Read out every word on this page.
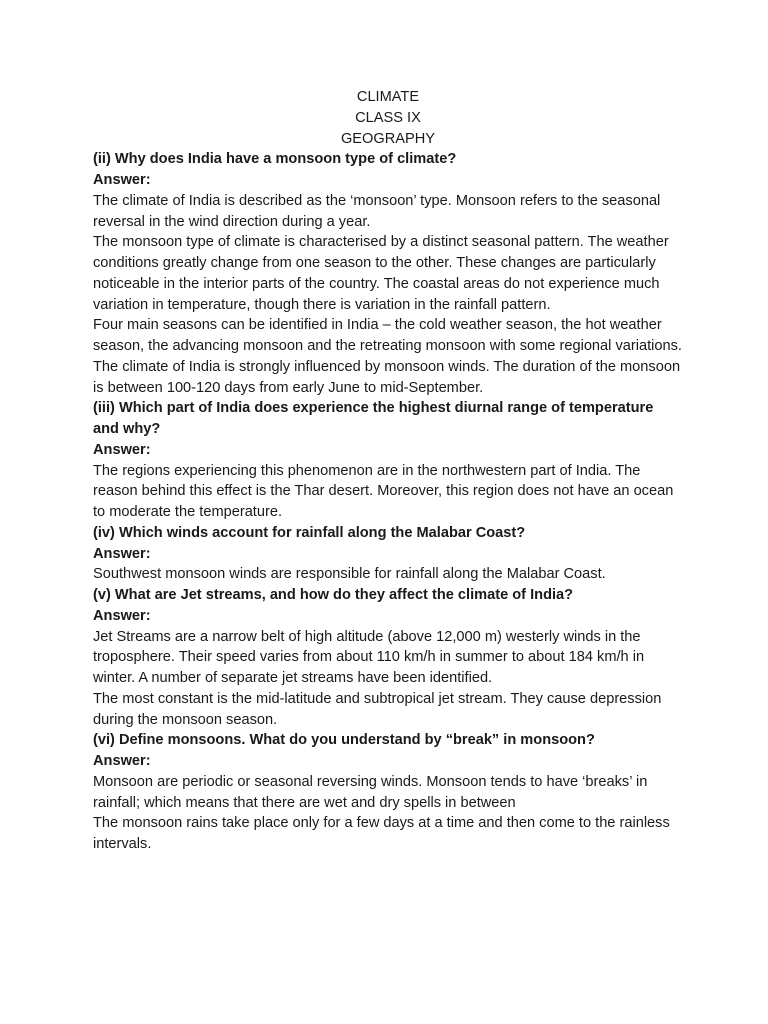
CLIMATE
CLASS IX
GEOGRAPHY
(ii) Why does India have a monsoon type of climate?
Answer:
The climate of India is described as the ‘monsoon’ type. Monsoon refers to the seasonal reversal in the wind direction during a year.
The monsoon type of climate is characterised by a distinct seasonal pattern. The weather conditions greatly change from one season to the other. These changes are particularly noticeable in the interior parts of the country. The coastal areas do not experience much variation in temperature, though there is variation in the rainfall pattern.
Four main seasons can be identified in India – the cold weather season, the hot weather season, the advancing monsoon and the retreating monsoon with some regional variations.
The climate of India is strongly influenced by monsoon winds. The duration of the monsoon is between 100-120 days from early June to mid-September.
(iii) Which part of India does experience the highest diurnal range of temperature and why?
Answer:
The regions experiencing this phenomenon are in the northwestern part of India. The reason behind this effect is the Thar desert. Moreover, this region does not have an ocean to moderate the temperature.
(iv) Which winds account for rainfall along the Malabar Coast?
Answer:
Southwest monsoon winds are responsible for rainfall along the Malabar Coast.
(v) What are Jet streams, and how do they affect the climate of India?
Answer:
Jet Streams are a narrow belt of high altitude (above 12,000 m) westerly winds in the troposphere. Their speed varies from about 110 km/h in summer to about 184 km/h in winter. A number of separate jet streams have been identified.
The most constant is the mid-latitude and subtropical jet stream. They cause depression during the monsoon season.
(vi) Define monsoons. What do you understand by “break” in monsoon?
Answer:
Monsoon are periodic or seasonal reversing winds. Monsoon tends to have ‘breaks’ in rainfall; which means that there are wet and dry spells in between
The monsoon rains take place only for a few days at a time and then come to the rainless intervals.
